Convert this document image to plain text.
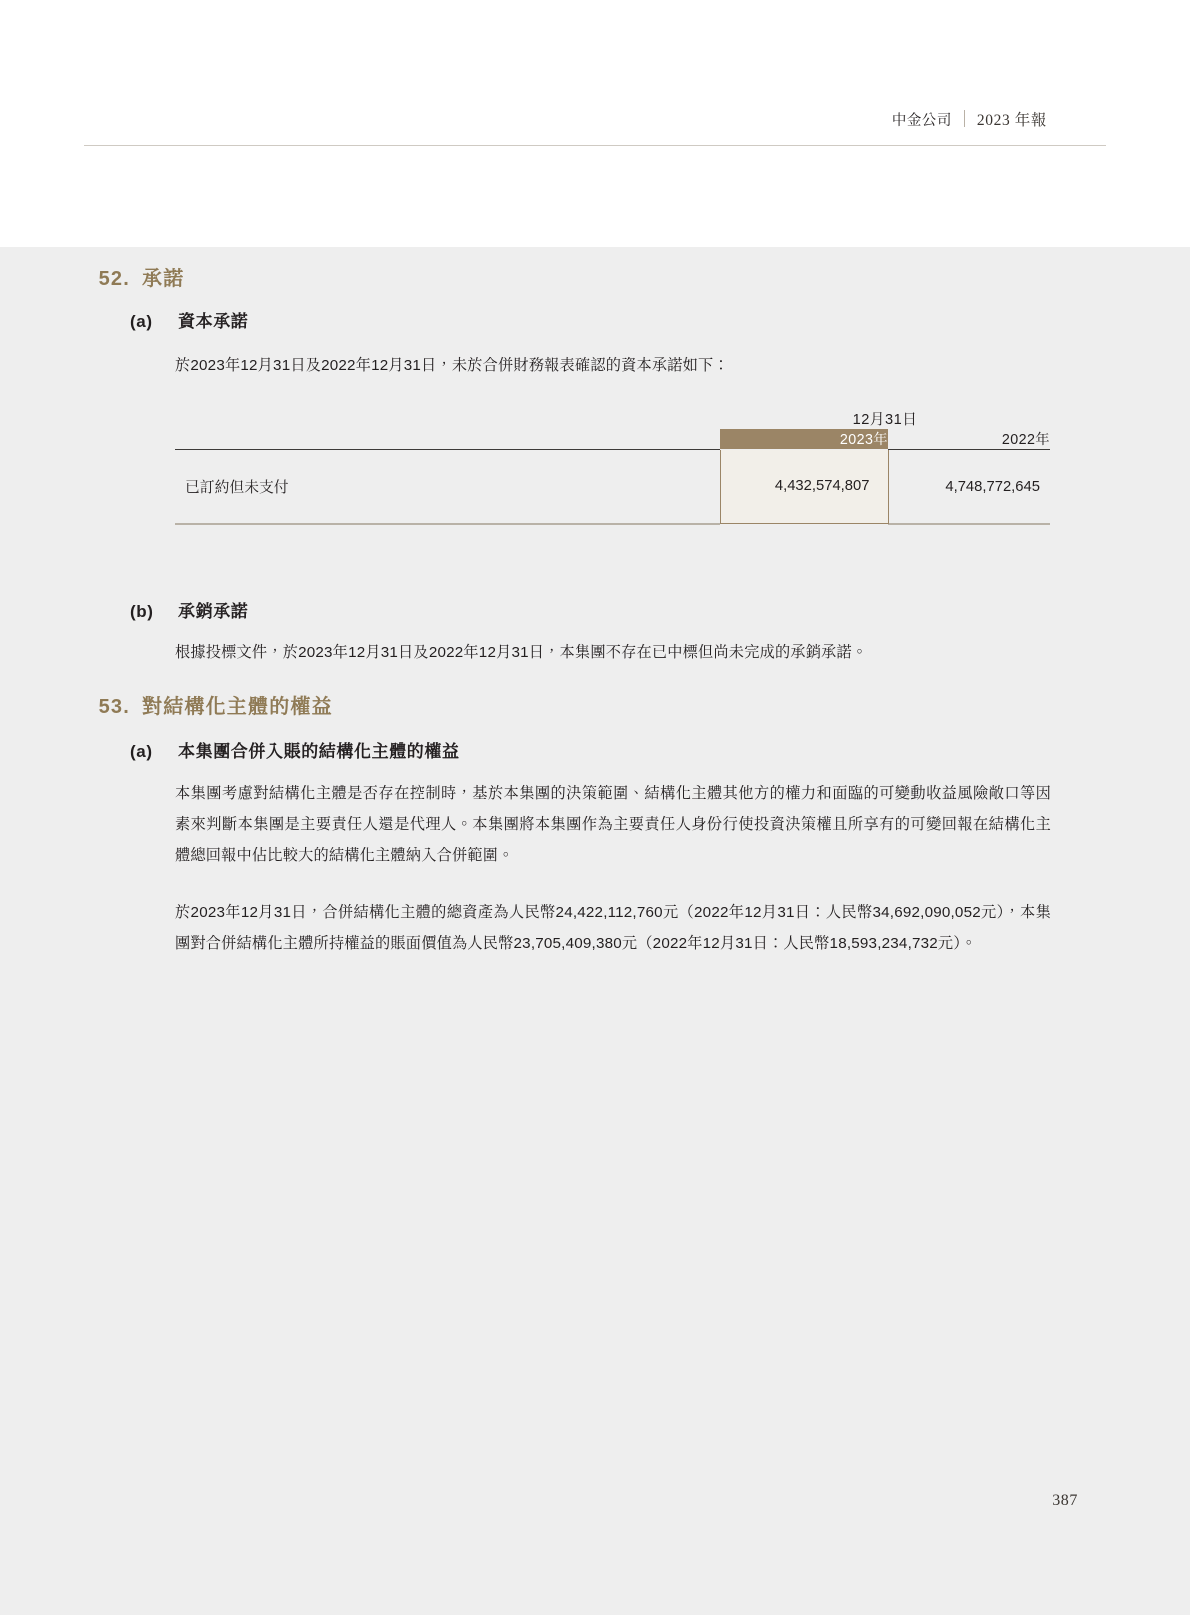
中金公司	2023 年報
52. 承諾
(a)	資本承諾
於2023年12月31日及2022年12月31日，未於合併財務報表確認的資本承諾如下：
	12月31日	
	2023年	2022年

已訂約但未支付	4,432,574,807	4,748,772,645

(b)	承銷承諾
根據投標文件，於2023年12月31日及2022年12月31日，本集團不存在已中標但尚未完成的承銷承諾。
53. 對結構化主體的權益
(a)	本集團合併入賬的結構化主體的權益
本集團考慮對結構化主體是否存在控制時，基於本集團的決策範圍、結構化主體其他方的權力和面臨的可變動收益風險敞口等因素來判斷本集團是主要責任人還是代理人。本集團將本集團作為主要責任人身份行使投資決策權且所享有的可變回報在結構化主體總回報中佔比較大的結構化主體納入合併範圍。
於2023年12月31日，合併結構化主體的總資產為人民幣24,422,112,760元（2022年12月31日：人民幣34,692,090,052元），本集團對合併結構化主體所持權益的賬面價值為人民幣23,705,409,380元（2022年12月31日：人民幣18,593,234,732元）。
387
